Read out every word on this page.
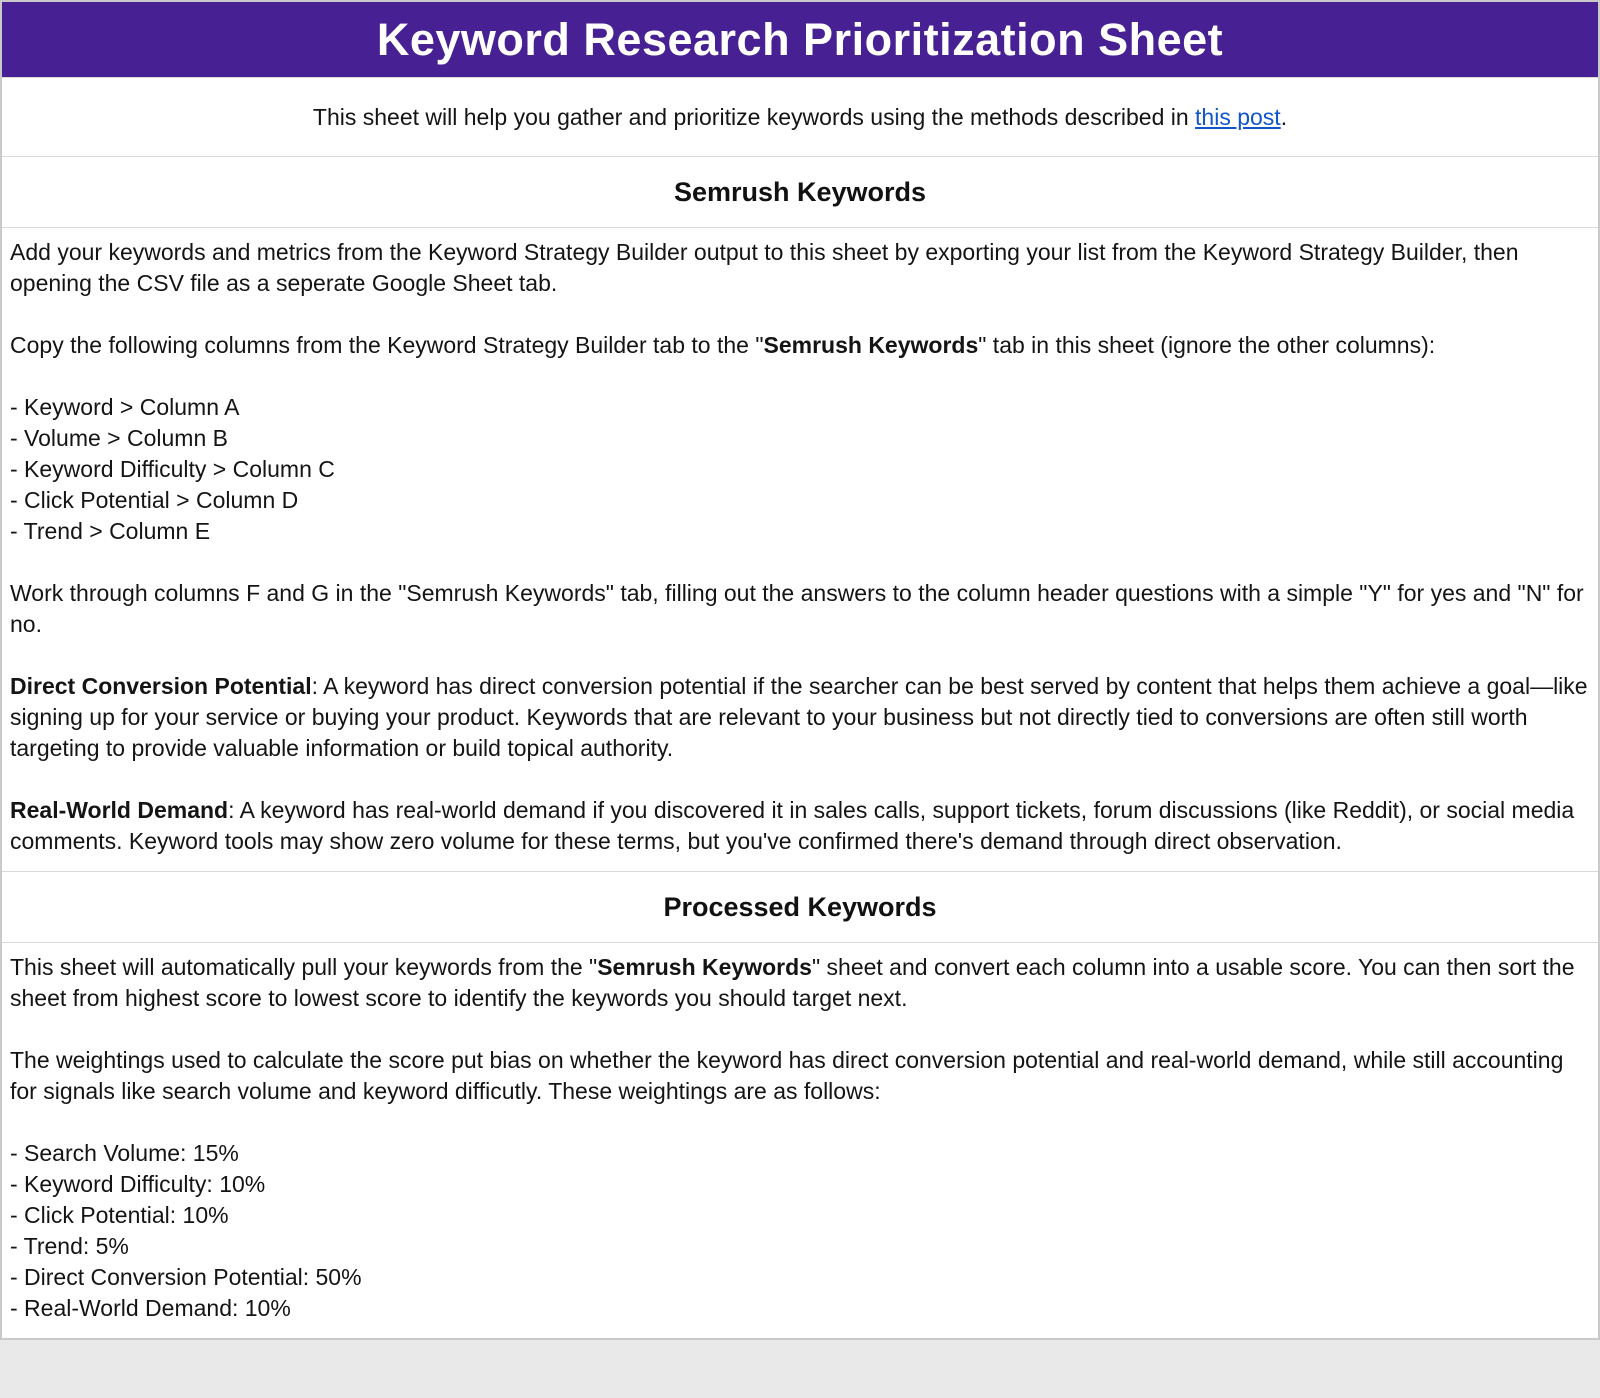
Keyword Research Prioritization Sheet
This sheet will help you gather and prioritize keywords using the methods described in this post.
Semrush Keywords
Add your keywords and metrics from the Keyword Strategy Builder output to this sheet by exporting your list from the Keyword Strategy Builder, then opening the CSV file as a seperate Google Sheet tab.
Copy the following columns from the Keyword Strategy Builder tab to the "Semrush Keywords" tab in this sheet (ignore the other columns):
- Keyword > Column A
- Volume > Column B
- Keyword Difficulty > Column C
- Click Potential > Column D
- Trend > Column E
Work through columns F and G in the "Semrush Keywords" tab, filling out the answers to the column header questions with a simple "Y" for yes and "N" for no.
Direct Conversion Potential: A keyword has direct conversion potential if the searcher can be best served by content that helps them achieve a goal—like signing up for your service or buying your product. Keywords that are relevant to your business but not directly tied to conversions are often still worth targeting to provide valuable information or build topical authority.
Real-World Demand: A keyword has real-world demand if you discovered it in sales calls, support tickets, forum discussions (like Reddit), or social media comments. Keyword tools may show zero volume for these terms, but you've confirmed there's demand through direct observation.
Processed Keywords
This sheet will automatically pull your keywords from the "Semrush Keywords" sheet and convert each column into a usable score. You can then sort the sheet from highest score to lowest score to identify the keywords you should target next.
The weightings used to calculate the score put bias on whether the keyword has direct conversion potential and real-world demand, while still accounting for signals like search volume and keyword difficutly. These weightings are as follows:
- Search Volume: 15%
- Keyword Difficulty: 10%
- Click Potential: 10%
- Trend: 5%
- Direct Conversion Potential: 50%
- Real-World Demand: 10%
